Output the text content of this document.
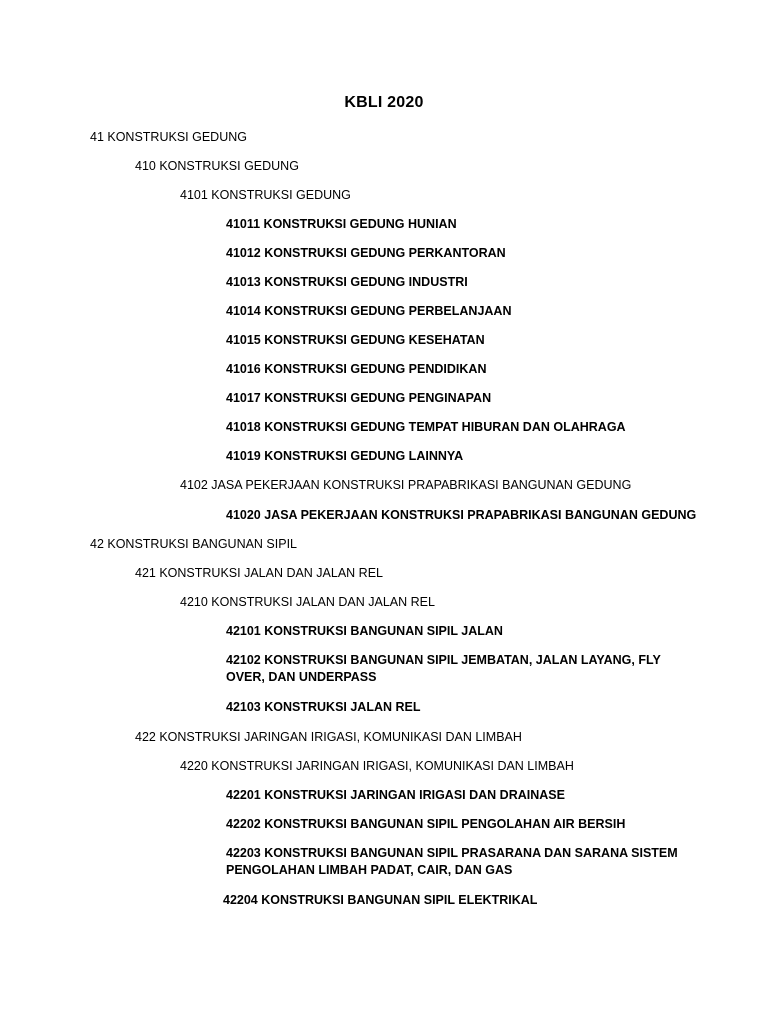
KBLI 2020
41 KONSTRUKSI GEDUNG
410 KONSTRUKSI GEDUNG
4101 KONSTRUKSI GEDUNG
41011 KONSTRUKSI GEDUNG HUNIAN
41012 KONSTRUKSI GEDUNG PERKANTORAN
41013 KONSTRUKSI GEDUNG INDUSTRI
41014 KONSTRUKSI GEDUNG PERBELANJAAN
41015 KONSTRUKSI GEDUNG KESEHATAN
41016 KONSTRUKSI GEDUNG PENDIDIKAN
41017 KONSTRUKSI GEDUNG PENGINAPAN
41018 KONSTRUKSI GEDUNG TEMPAT HIBURAN DAN OLAHRAGA
41019 KONSTRUKSI GEDUNG LAINNYA
4102 JASA PEKERJAAN KONSTRUKSI PRAPABRIKASI BANGUNAN GEDUNG
41020 JASA PEKERJAAN KONSTRUKSI PRAPABRIKASI BANGUNAN GEDUNG
42 KONSTRUKSI BANGUNAN SIPIL
421 KONSTRUKSI JALAN DAN JALAN REL
4210 KONSTRUKSI JALAN DAN JALAN REL
42101 KONSTRUKSI BANGUNAN SIPIL JALAN
42102 KONSTRUKSI BANGUNAN SIPIL JEMBATAN, JALAN LAYANG, FLY OVER, DAN UNDERPASS
42103 KONSTRUKSI JALAN REL
422 KONSTRUKSI JARINGAN IRIGASI, KOMUNIKASI DAN LIMBAH
4220 KONSTRUKSI JARINGAN IRIGASI, KOMUNIKASI DAN LIMBAH
42201 KONSTRUKSI JARINGAN IRIGASI DAN DRAINASE
42202 KONSTRUKSI BANGUNAN SIPIL PENGOLAHAN AIR BERSIH
42203 KONSTRUKSI BANGUNAN SIPIL PRASARANA DAN SARANA SISTEM PENGOLAHAN LIMBAH PADAT, CAIR, DAN GAS
42204 KONSTRUKSI BANGUNAN SIPIL ELEKTRIKAL
